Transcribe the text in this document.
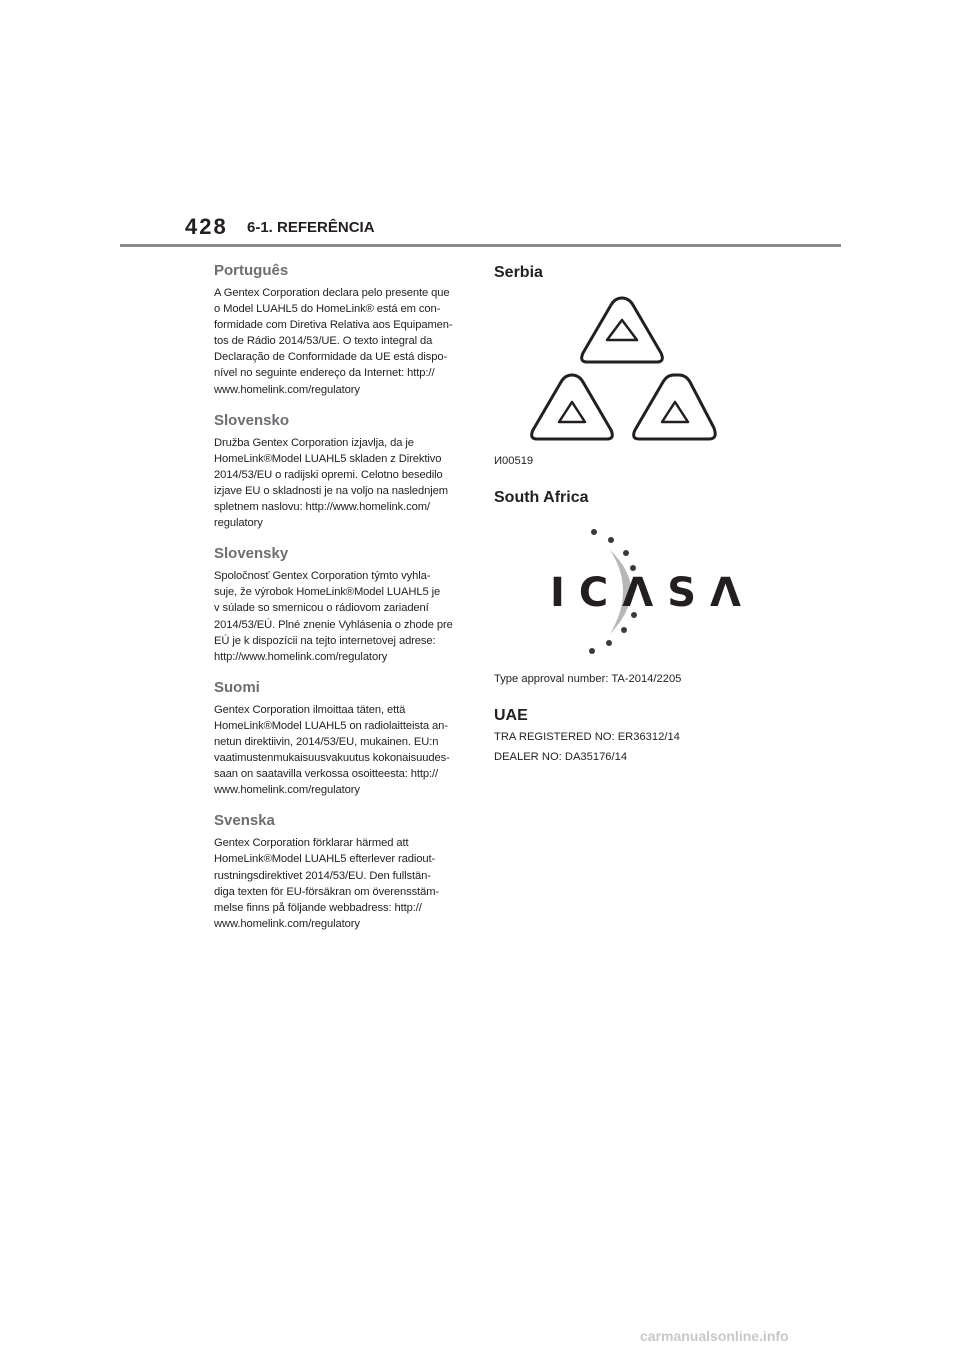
428 6-1. REFERÊNCIA

Português

A Gentex Corporation declara pelo presente que
o Model LUAHL5 do HomeLink® está em con-
formidade com Diretiva Relativa aos Equipamen-
tos de Rádio 2014/53/UE. O texto integral da
Declaração de Conformidade da UE está dispo-
nível no seguinte endereço da Internet: http://
www.homelink.com/regulatory

Slovensko

Družba Gentex Corporation izjavlja, da je
HomeLink®Model LUAHL5 skladen z Direktivo
2014/53/EU o radijski opremi. Celotno besedilo
izjave EU o skladnosti je na voljo na naslednjem
spletnem naslovu: http://www.homelink.com/
regulatory

Slovensky

Spoločnosť Gentex Corporation týmto vyhla-
suje, že výrobok HomeLink®Model LUAHL5 je
v súlade so smernicou o rádiovom zariadení
2014/53/EÚ. Plné znenie Vyhlásenia o zhode pre
EÚ je k dispozícii na tejto internetovej adrese:
http://www.homelink.com/regulatory

Suomi

Gentex Corporation ilmoittaa täten, että
HomeLink®Model LUAHL5 on radiolaitteista an-
netun direktiivin, 2014/53/EU, mukainen. EU:n
vaatimustenmukaisuusvakuutus kokonaisuudes-
saan on saatavilla verkossa osoitteesta: http://
www.homelink.com/regulatory

Svenska

Gentex Corporation förklarar härmed att
HomeLink®Model LUAHL5 efterlever radiout-
rustningsdirektivet 2014/53/EU. Den fullstän-
diga texten för EU-försäkran om överensstäm-
melse finns på följande webbadress: http://
www.homelink.com/regulatory

Serbia

И00519

South Africa

ICΛSΛ
Type approval number: TA-2014/2205

UAE

TRA REGISTERED NO: ER36312/14
DEALER NO: DA35176/14
carmanualsonline.info
